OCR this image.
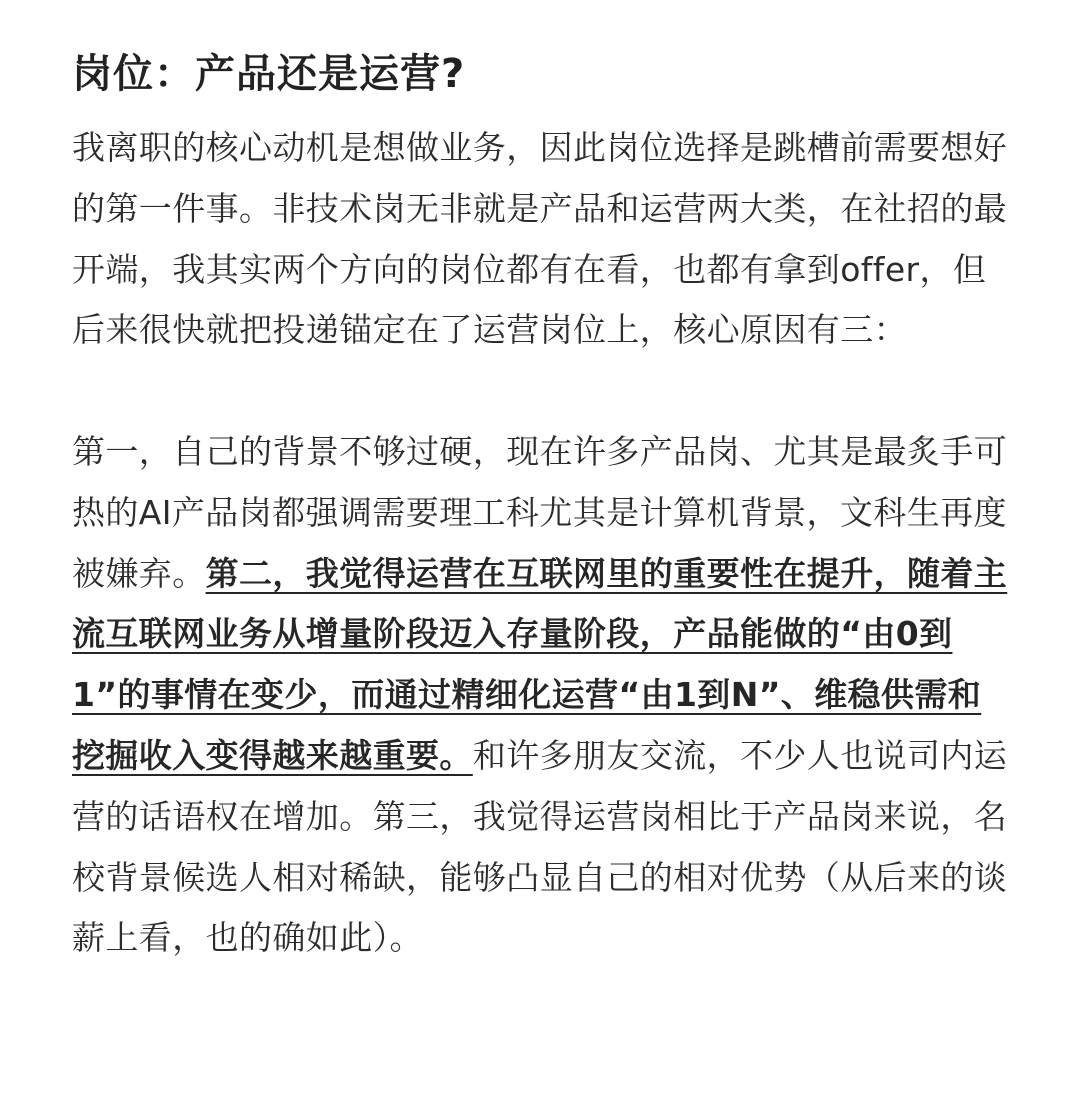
岗位：产品还是运营?

我离职的核心动机是想做业务，因此岗位选择是跳槽前需要想好的第一件事。非技术岗无非就是产品和运营两大类，在社招的最开端，我其实两个方向的岗位都有在看，也都有拿到offer，但后来很快就把投递锚定在了运营岗位上，核心原因有三：

第一，自己的背景不够过硬，现在许多产品岗、尤其是最炙手可热的AI产品岗都强调需要理工科尤其是计算机背景，文科生再度被嫌弃。第二，我觉得运营在互联网里的重要性在提升，随着主流互联网业务从增量阶段迈入存量阶段，产品能做的“由0到1”的事情在变少，而通过精细化运营“由1到N”、维稳供需和挖掘收入变得越来越重要。和许多朋友交流，不少人也说司内运营的话语权在增加。第三，我觉得运营岗相比于产品岗来说，名校背景候选人相对稀缺，能够凸显自己的相对优势（从后来的谈薪上看，也的确如此）。
